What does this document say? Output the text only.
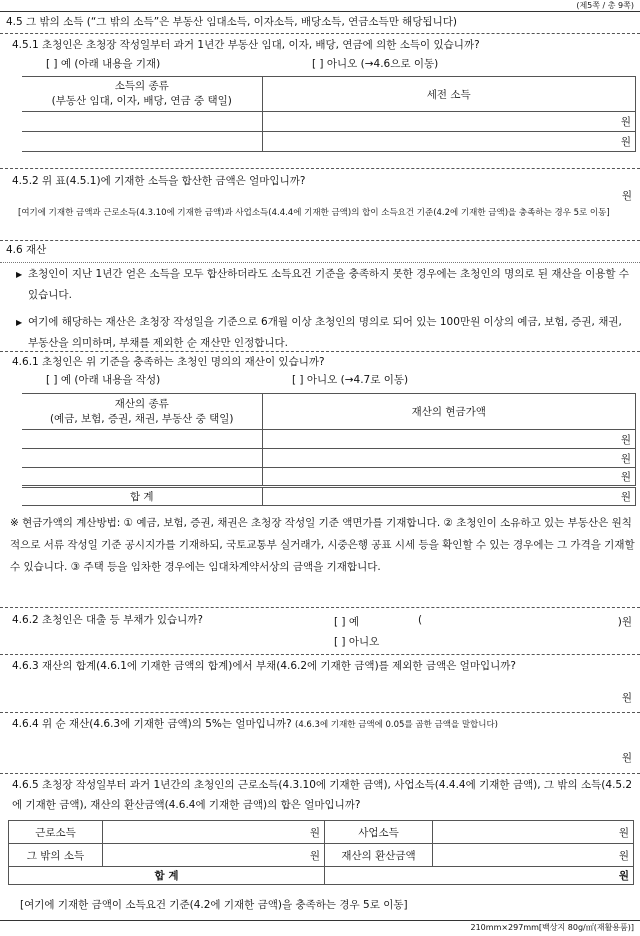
(제5쪽 / 총 9쪽)
4.5 그 밖의 소득 (“그 밖의 소득”은 부동산 임대소득, 이자소득, 배당소득, 연금소득만 해당됩니다)
4.5.1 초청인은 초청장 작성일부터 과거 1년간 부동산 임대, 이자, 배당, 연금에 의한 소득이 있습니까?
[ ] 예 (아래 내용을 기재)	[ ] 아니오 (→4.6으로 이동)
소득의 종류
(부동산 임대, 이자, 배당, 연금 중 택일)	세전 소득
	원
	원
4.5.2 위 표(4.5.1)에 기재한 소득을 합산한 금액은 얼마입니까?
원
[여기에 기재한 금액과 근로소득(4.3.10에 기재한 금액)과 사업소득(4.4.4에 기재한 금액)의 합이 소득요건 기준(4.2에 기재한 금액)을 충족하는 경우 5로 이동]
4.6 재산
▶ 초청인이 지난 1년간 얻은 소득을 모두 합산하더라도 소득요건 기준을 충족하지 못한 경우에는 초청인의 명의로 된 재산을 이용할 수 있습니다.
▶ 여기에 해당하는 재산은 초청장 작성일을 기준으로 6개월 이상 초청인의 명의로 되어 있는 100만원 이상의 예금, 보험, 증권, 채권, 부동산을 의미하며, 부채를 제외한 순 재산만 인정합니다.
4.6.1 초청인은 위 기준을 충족하는 초청인 명의의 재산이 있습니까?
[ ] 예 (아래 내용을 작성)	[ ] 아니오 (→4.7로 이동)
재산의 종류
(예금, 보험, 증권, 채권, 부동산 중 택일)	재산의 현금가액
	원
	원
	원
합 계	원
※ 현금가액의 계산방법: ① 예금, 보험, 증권, 채권은 초청장 작성일 기준 액면가를 기재합니다. ② 초청인이 소유하고 있는 부동산은 원칙적으로 서류 작성일 기준 공시지가를 기재하되, 국토교통부 실거래가, 시중은행 공표 시세 등을 확인할 수 있는 경우에는 그 가격을 기재할 수 있습니다. ③ 주택 등을 임차한 경우에는 임대차계약서상의 금액을 기재합니다.
4.6.2 초청인은 대출 등 부채가 있습니까?	[ ] 예	(	)원
[ ] 아니오
4.6.3 재산의 합계(4.6.1에 기재한 금액의 합계)에서 부채(4.6.2에 기재한 금액)를 제외한 금액은 얼마입니까?
원
4.6.4 위 순 재산(4.6.3에 기재한 금액)의 5%는 얼마입니까? (4.6.3에 기재한 금액에 0.05를 곱한 금액을 말합니다)
원
4.6.5 초청장 작성일부터 과거 1년간의 초청인의 근로소득(4.3.10에 기재한 금액), 사업소득(4.4.4에 기재한 금액), 그 밖의 소득(4.5.2에 기재한 금액), 재산의 환산금액(4.6.4에 기재한 금액)의 합은 얼마입니까?
근로소득	원	사업소득	원
그 밖의 소득	원	재산의 환산금액	원
합 계		원	
[여기에 기재한 금액이 소득요건 기준(4.2에 기재한 금액)을 충족하는 경우 5로 이동]
210mm×297mm[백상지 80g/㎡(재활용품)]
